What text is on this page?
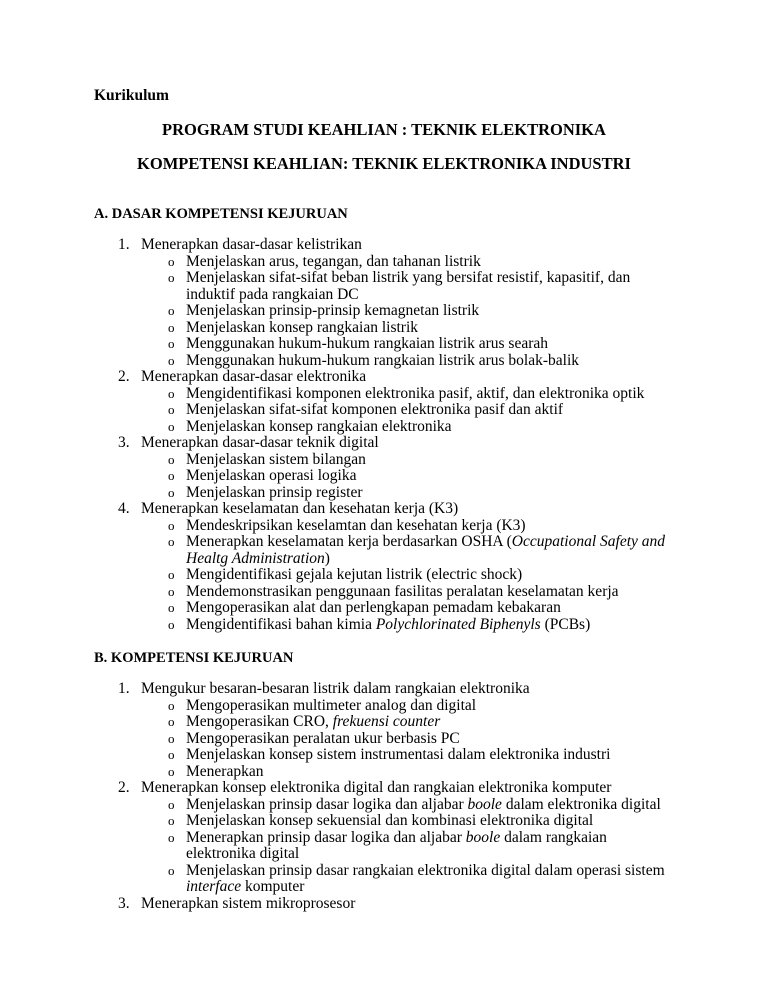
Kurikulum
PROGRAM STUDI KEAHLIAN : TEKNIK ELEKTRONIKA
KOMPETENSI KEAHLIAN: TEKNIK ELEKTRONIKA INDUSTRI
A. DASAR KOMPETENSI KEJURUAN
1. Menerapkan dasar-dasar kelistrikan
o Menjelaskan arus, tegangan, dan tahanan listrik
o Menjelaskan sifat-sifat beban listrik yang bersifat resistif, kapasitif, dan induktif pada rangkaian DC
o Menjelaskan prinsip-prinsip kemagnetan listrik
o Menjelaskan konsep rangkaian listrik
o Menggunakan hukum-hukum rangkaian listrik arus searah
o Menggunakan hukum-hukum rangkaian listrik arus bolak-balik
2. Menerapkan dasar-dasar elektronika
o Mengidentifikasi komponen elektronika pasif, aktif, dan elektronika optik
o Menjelaskan sifat-sifat komponen elektronika pasif dan aktif
o Menjelaskan konsep rangkaian elektronika
3. Menerapkan dasar-dasar teknik digital
o Menjelaskan sistem bilangan
o Menjelaskan operasi logika
o Menjelaskan prinsip register
4. Menerapkan keselamatan dan kesehatan kerja (K3)
o Mendeskripsikan keselamtan dan kesehatan kerja (K3)
o Menerapkan keselamatan kerja berdasarkan OSHA (Occupational Safety and Healtg Administration)
o Mengidentifikasi gejala kejutan listrik (electric shock)
o Mendemonstrasikan penggunaan fasilitas peralatan keselamatan kerja
o Mengoperasikan alat dan perlengkapan pemadam kebakaran
o Mengidentifikasi bahan kimia Polychlorinated Biphenyls (PCBs)
B. KOMPETENSI KEJURUAN
1. Mengukur besaran-besaran listrik dalam rangkaian elektronika
o Mengoperasikan multimeter analog dan digital
o Mengoperasikan CRO, frekuensi counter
o Mengoperasikan peralatan ukur berbasis PC
o Menjelaskan konsep sistem instrumentasi dalam elektronika industri
o Menerapkan
2. Menerapkan konsep elektronika digital dan rangkaian elektronika komputer
o Menjelaskan prinsip dasar logika dan aljabar boole dalam elektronika digital
o Menjelaskan konsep sekuensial dan kombinasi elektronika digital
o Menerapkan prinsip dasar logika dan aljabar boole dalam rangkaian elektronika digital
o Menjelaskan prinsip dasar rangkaian elektronika digital dalam operasi sistem interface komputer
3. Menerapkan sistem mikroprosesor
